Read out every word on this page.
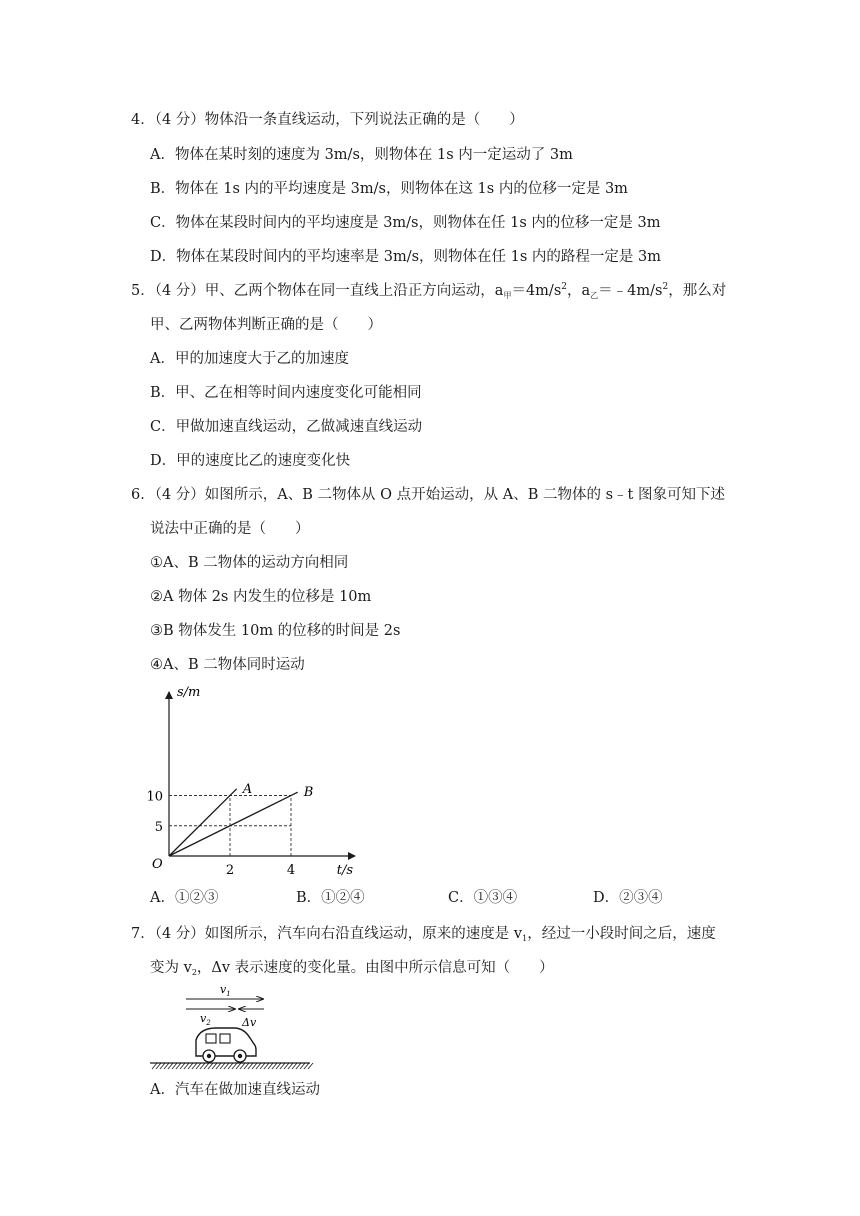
4．（4 分）物体沿一条直线运动，下列说法正确的是（　　）
A．物体在某时刻的速度为 3m/s，则物体在 1s 内一定运动了 3m
B．物体在 1s 内的平均速度是 3m/s，则物体在这 1s 内的位移一定是 3m
C．物体在某段时间内的平均速度是 3m/s，则物体在任 1s 内的位移一定是 3m
D．物体在某段时间内的平均速率是 3m/s，则物体在任 1s 内的路程一定是 3m
5．（4 分）甲、乙两个物体在同一直线上沿正方向运动，$a_甲=4m/s^2$，$a_乙=﹣4m/s^2$，那么对
甲、乙两物体判断正确的是（　　）
A．甲的加速度大于乙的加速度
B．甲、乙在相等时间内速度变化可能相同
C．甲做加速直线运动，乙做减速直线运动
D．甲的速度比乙的速度变化快
6．（4 分）如图所示，A、B 二物体从 O 点开始运动，从 A、B 二物体的 s﹣t 图象可知下述
说法中正确的是（　　）
①A、B 二物体的运动方向相同
②A 物体 2s 内发生的位移是 10m
③B 物体发生 10m 的位移的时间是 2s
④A、B 二物体同时运动
5
10
2	4
A	B
s/m
t/s
O
A．①②③	B．①②④	C．①③④	D．②③④
7．（4 分）如图所示，汽车向右沿直线运动，原来的速度是 $v_1$，经过一小段时间之后，速度
变为 $v_2$，Δv 表示速度的变化量。由图中所示信息可知（　　）
$v_1$
$v_2$	Δv
A．汽车在做加速直线运动
